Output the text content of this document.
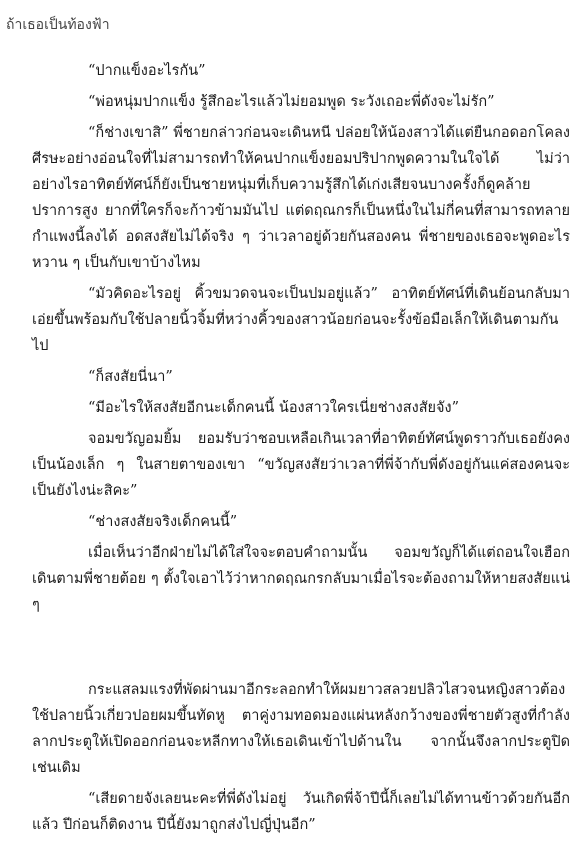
ถ้าเธอเป็นท้องฟ้า

“ปากแข็งอะไรกัน”

“พ่อหนุ่มปากแข็ง รู้สึกอะไรแล้วไม่ยอมพูด ระวังเถอะพี่ดังจะไม่รัก”

“ก็ช่างเขาสิ” พี่ชายกล่าวก่อนจะเดินหนี ปล่อยให้น้องสาวได้แต่ยืนกอดอกโคลงศีรษะอย่างอ่อนใจที่ไม่สามารถทำให้คนปากแข็งยอมปริปากพูดความในใจได้ ไม่ว่าอย่างไรอาทิตย์ทัศน์ก็ยังเป็นชายหนุ่มที่เก็บความรู้สึกได้เก่งเสียจนบางครั้งก็ดูคล้ายปราการสูง ยากที่ใครก็จะก้าวข้ามมันไป แต่ดฤณกรก็เป็นหนึ่งในไม่กี่คนที่สามารถทลายกำแพงนี้ลงได้ อดสงสัยไม่ได้จริง ๆ ว่าเวลาอยู่ด้วยกันสองคน พี่ชายของเธอจะพูดอะไรหวาน ๆ เป็นกับเขาบ้างไหม

“มัวคิดอะไรอยู่ คิ้วขมวดจนจะเป็นปมอยู่แล้ว” อาทิตย์ทัศน์ที่เดินย้อนกลับมาเอ่ยขึ้นพร้อมกับใช้ปลายนิ้วจิ้มที่หว่างคิ้วของสาวน้อยก่อนจะรั้งข้อมือเล็กให้เดินตามกันไป

“ก็สงสัยนี่นา”

“มีอะไรให้สงสัยอีกนะเด็กคนนี้ น้องสาวใครเนี่ยช่างสงสัยจัง”

จอมขวัญอมยิ้ม ยอมรับว่าชอบเหลือเกินเวลาที่อาทิตย์ทัศน์พูดราวกับเธอยังคงเป็นน้องเล็ก ๆ ในสายตาของเขา “ขวัญสงสัยว่าเวลาที่พี่จ้ากับพี่ดังอยู่กันแค่สองคนจะเป็นยังไงน่ะสิคะ”

“ช่างสงสัยจริงเด็กคนนี้”

เมื่อเห็นว่าอีกฝ่ายไม่ได้ใส่ใจจะตอบคำถามนั้น จอมขวัญก็ได้แต่ถอนใจเฮือกเดินตามพี่ชายต้อย ๆ ตั้งใจเอาไว้ว่าหากดฤณกรกลับมาเมื่อไรจะต้องถามให้หายสงสัยแน่ ๆ

กระแสลมแรงที่พัดผ่านมาอีกระลอกทำให้ผมยาวสลวยปลิวไสวจนหญิงสาวต้องใช้ปลายนิ้วเกี่ยวปอยผมขึ้นทัดหู ตาคู่งามทอดมองแผ่นหลังกว้างของพี่ชายตัวสูงที่กำลังลากประตูให้เปิดออกก่อนจะหลีกทางให้เธอเดินเข้าไปด้านใน จากนั้นจึงลากประตูปิดเช่นเดิม

“เสียดายจังเลยนะคะที่พี่ดังไม่อยู่ วันเกิดพี่จ้าปีนี้ก็เลยไม่ได้ทานข้าวด้วยกันอีกแล้ว ปีก่อนก็ติดงาน ปีนี้ยังมาถูกส่งไปญี่ปุ่นอีก”
